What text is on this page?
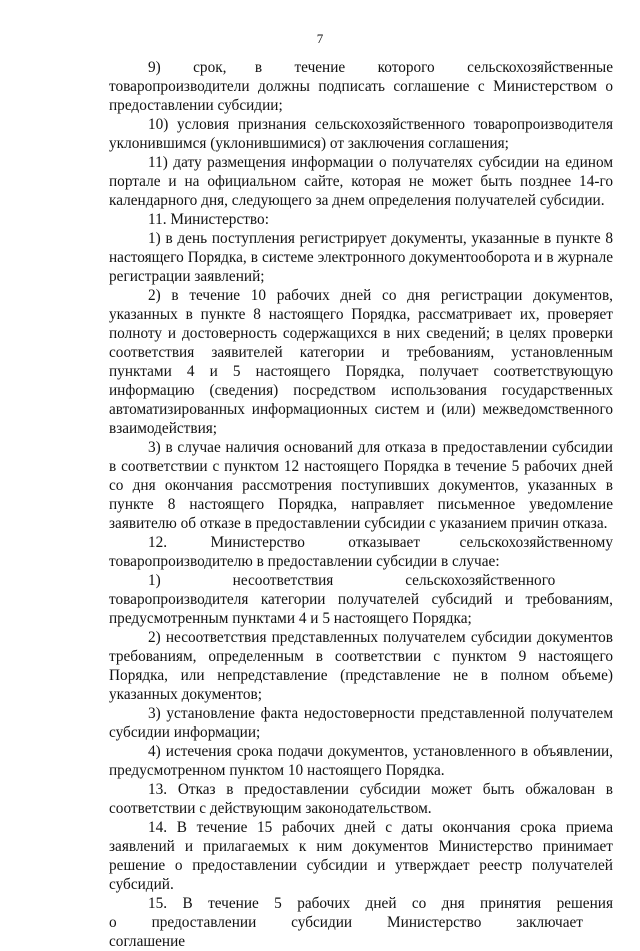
7

9)        срок,       в        течение        которого        сельскохозяйственные товаропроизводители должны подписать соглашение с Министерством о предоставлении субсидии;

10) условия признания сельскохозяйственного товаропроизводителя уклонившимся (уклонившимися) от заключения соглашения;

11) дату размещения информации о получателях субсидии на едином портале и на официальном сайте, которая не может быть позднее 14-го календарного дня, следующего за днем определения получателей субсидии.

11. Министерство:

1) в день поступления регистрирует документы, указанные в пункте 8 настоящего Порядка, в системе электронного документооборота и в журнале регистрации заявлений;

2) в течение 10 рабочих дней со дня регистрации документов, указанных в пункте 8 настоящего Порядка, рассматривает их, проверяет полноту и достоверность содержащихся в них сведений; в целях проверки соответствия заявителей категории и требованиям, установленным пунктами 4 и 5 настоящего Порядка, получает соответствующую информацию (сведения) посредством использования государственных автоматизированных информационных систем и (или) межведомственного взаимодействия;

3) в случае наличия оснований для отказа в предоставлении субсидии в соответствии с пунктом 12 настоящего Порядка в течение 5 рабочих дней со дня окончания рассмотрения поступивших документов, указанных в пункте 8 настоящего Порядка, направляет письменное уведомление заявителю об отказе в предоставлении субсидии с указанием причин отказа.

12.           Министерство           отказывает          сельскохозяйственному товаропроизводителю в предоставлении субсидии в случае:

1)        несоответствия        сельскохозяйственного        товаропроизводителя категории получателей субсидий и требованиям, предусмотренным пунктами 4 и 5 настоящего Порядка;

2) несоответствия представленных получателем субсидии документов требованиям, определенным в соответствии с пунктом 9 настоящего Порядка, или непредставление (представление не в полном объеме) указанных документов;

3) установление факта недостоверности представленной получателем субсидии информации;

4) истечения срока подачи документов, установленного в объявлении, предусмотренном пунктом 10 настоящего Порядка.

13. Отказ в предоставлении субсидии может быть обжалован в соответствии с действующим законодательством.

14. В течение 15 рабочих дней с даты окончания срока приема заявлений и прилагаемых к ним документов Министерство принимает решение о предоставлении субсидии и утверждает реестр получателей субсидий.

15.    В    течение    5    рабочих    дней    со    дня    принятия    решения о        предоставлении        субсидии        Министерство        заключает        соглашение
